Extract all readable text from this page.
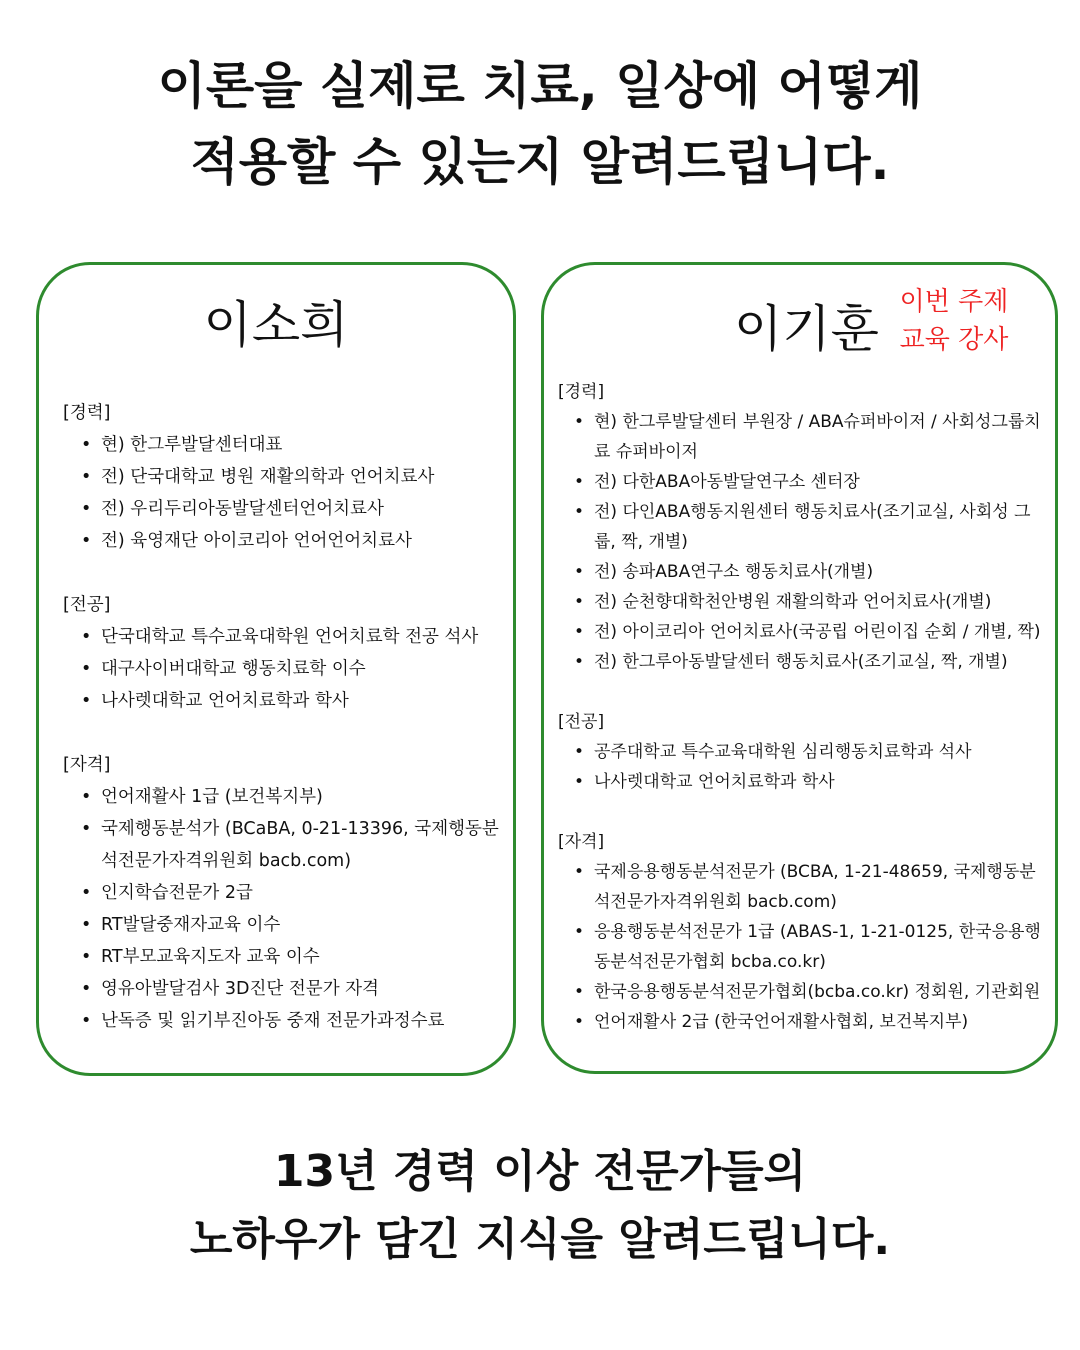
이론을 실제로 치료, 일상에 어떻게
적용할 수 있는지 알려드립니다.
이소희
[경력]
• 현) 한그루발달센터대표
• 전) 단국대학교 병원 재활의학과 언어치료사
• 전) 우리두리아동발달센터언어치료사
• 전) 육영재단 아이코리아 언어언어치료사
[전공]
• 단국대학교 특수교육대학원 언어치료학 전공 석사
• 대구사이버대학교 행동치료학 이수
• 나사렛대학교 언어치료학과 학사
[자격]
• 언어재활사 1급 (보건복지부)
• 국제행동분석가 (BCaBA, 0-21-13396, 국제행동분석전문가자격위원회 bacb.com)
• 인지학습전문가 2급
• RT발달중재자교육 이수
• RT부모교육지도자 교육 이수
• 영유아발달검사 3D진단 전문가 자격
• 난독증 및 읽기부진아동 중재 전문가과정수료
이기훈 이번 주제
교육 강사
[경력]
• 현) 한그루발달센터 부원장 / ABA슈퍼바이저 / 사회성그룹치료 슈퍼바이저
• 전) 다한ABA아동발달연구소 센터장
• 전) 다인ABA행동지원센터 행동치료사(조기교실, 사회성 그룹, 짝, 개별)
• 전) 송파ABA연구소 행동치료사(개별)
• 전) 순천향대학천안병원 재활의학과 언어치료사(개별)
• 전) 아이코리아 언어치료사(국공립 어린이집 순회 / 개별, 짝)
• 전) 한그루아동발달센터 행동치료사(조기교실, 짝, 개별)
[전공]
• 공주대학교 특수교육대학원 심리행동치료학과 석사
• 나사렛대학교 언어치료학과 학사
[자격]
• 국제응용행동분석전문가 (BCBA, 1-21-48659, 국제행동분석전문가자격위원회 bacb.com)
• 응용행동분석전문가 1급 (ABAS-1, 1-21-0125, 한국응용행동분석전문가협회 bcba.co.kr)
• 한국응용행동분석전문가협회(bcba.co.kr) 정회원, 기관회원
• 언어재활사 2급 (한국언어재활사협회, 보건복지부)
13년 경력 이상 전문가들의
노하우가 담긴 지식을 알려드립니다.
